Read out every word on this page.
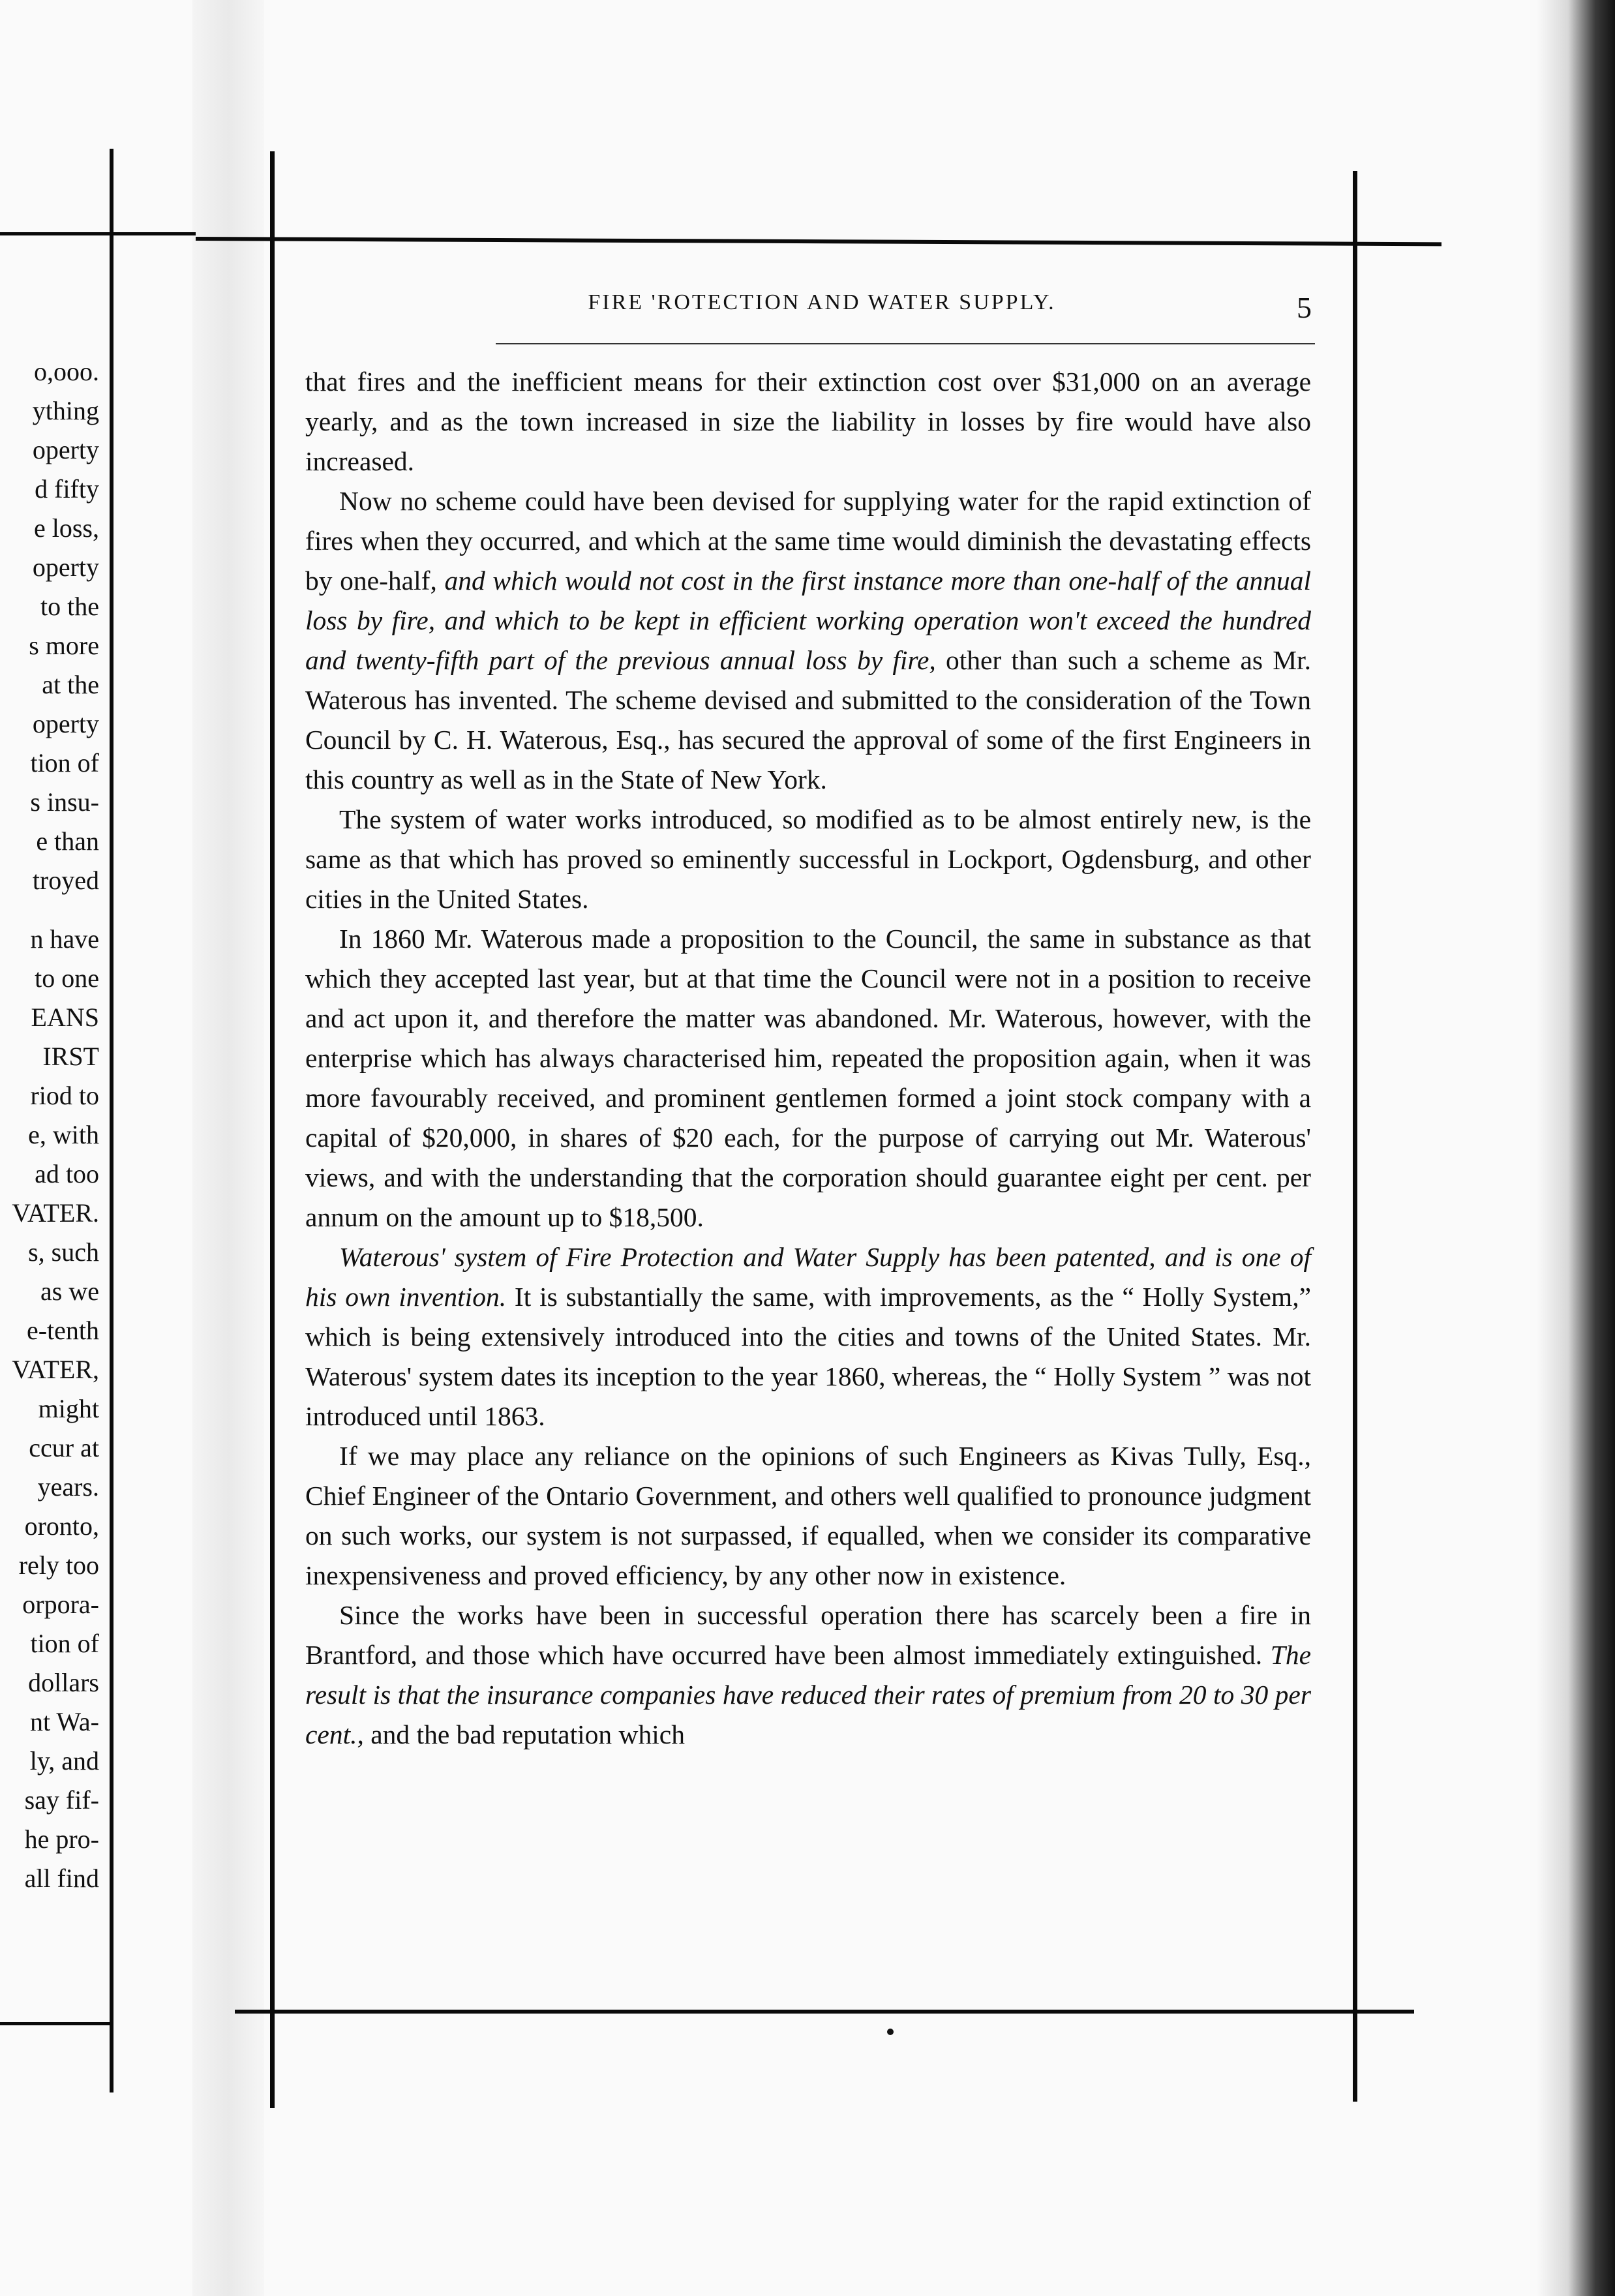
o,ooo.
ything
operty
d fifty
e loss,
operty
to the
s more
at the
operty
tion of
s insu-
e than
troyed
n have
to one
EANS
IRST
riod to
e, with
ad too
VATER.
s, such
as we
e-tenth
VATER,
might
ccur at
years.
oronto,
rely too
orpora-
tion of
dollars
nt Wa-
ly, and
say fif-
he pro-
all find
FIRE 'ROTECTION AND WATER SUPPLY.	5

that fires and the inefficient means for their extinction cost over $31,000 on an average yearly, and as the town increased in size the liability in losses by fire would have also increased.

Now no scheme could have been devised for supplying water for the rapid extinction of fires when they occurred, and which at the same time would diminish the devastating effects by one-half, and which would not cost in the first instance more than one-half of the annual loss by fire, and which to be kept in efficient working operation won't exceed the hundred and twenty-fifth part of the previous annual loss by fire, other than such a scheme as Mr. Waterous has invented. The scheme devised and submitted to the consideration of the Town Council by C. H. Waterous, Esq., has secured the approval of some of the first Engineers in this country as well as in the State of New York.

The system of water works introduced, so modified as to be almost entirely new, is the same as that which has proved so eminently successful in Lockport, Ogdensburg, and other cities in the United States.

In 1860 Mr. Waterous made a proposition to the Council, the same in substance as that which they accepted last year, but at that time the Council were not in a position to receive and act upon it, and therefore the matter was abandoned. Mr. Waterous, however, with the enterprise which has always characterised him, repeated the proposition again, when it was more favourably received, and prominent gentlemen formed a joint stock company with a capital of $20,000, in shares of $20 each, for the purpose of carrying out Mr. Waterous' views, and with the understanding that the corporation should guarantee eight per cent. per annum on the amount up to $18,500.

Waterous' system of Fire Protection and Water Supply has been patented, and is one of his own invention. It is substantially the same, with improvements, as the “ Holly System,” which is being extensively introduced into the cities and towns of the United States. Mr. Waterous' system dates its inception to the year 1860, whereas, the “ Holly System ” was not introduced until 1863.

If we may place any reliance on the opinions of such Engineers as Kivas Tully, Esq., Chief Engineer of the Ontario Government, and others well qualified to pronounce judgment on such works, our system is not surpassed, if equalled, when we consider its comparative inexpensiveness and proved efficiency, by any other now in existence.

Since the works have been in successful operation there has scarcely been a fire in Brantford, and those which have occurred have been almost immediately extinguished. The result is that the insurance companies have reduced their rates of premium from 20 to 30 per cent., and the bad reputation which
